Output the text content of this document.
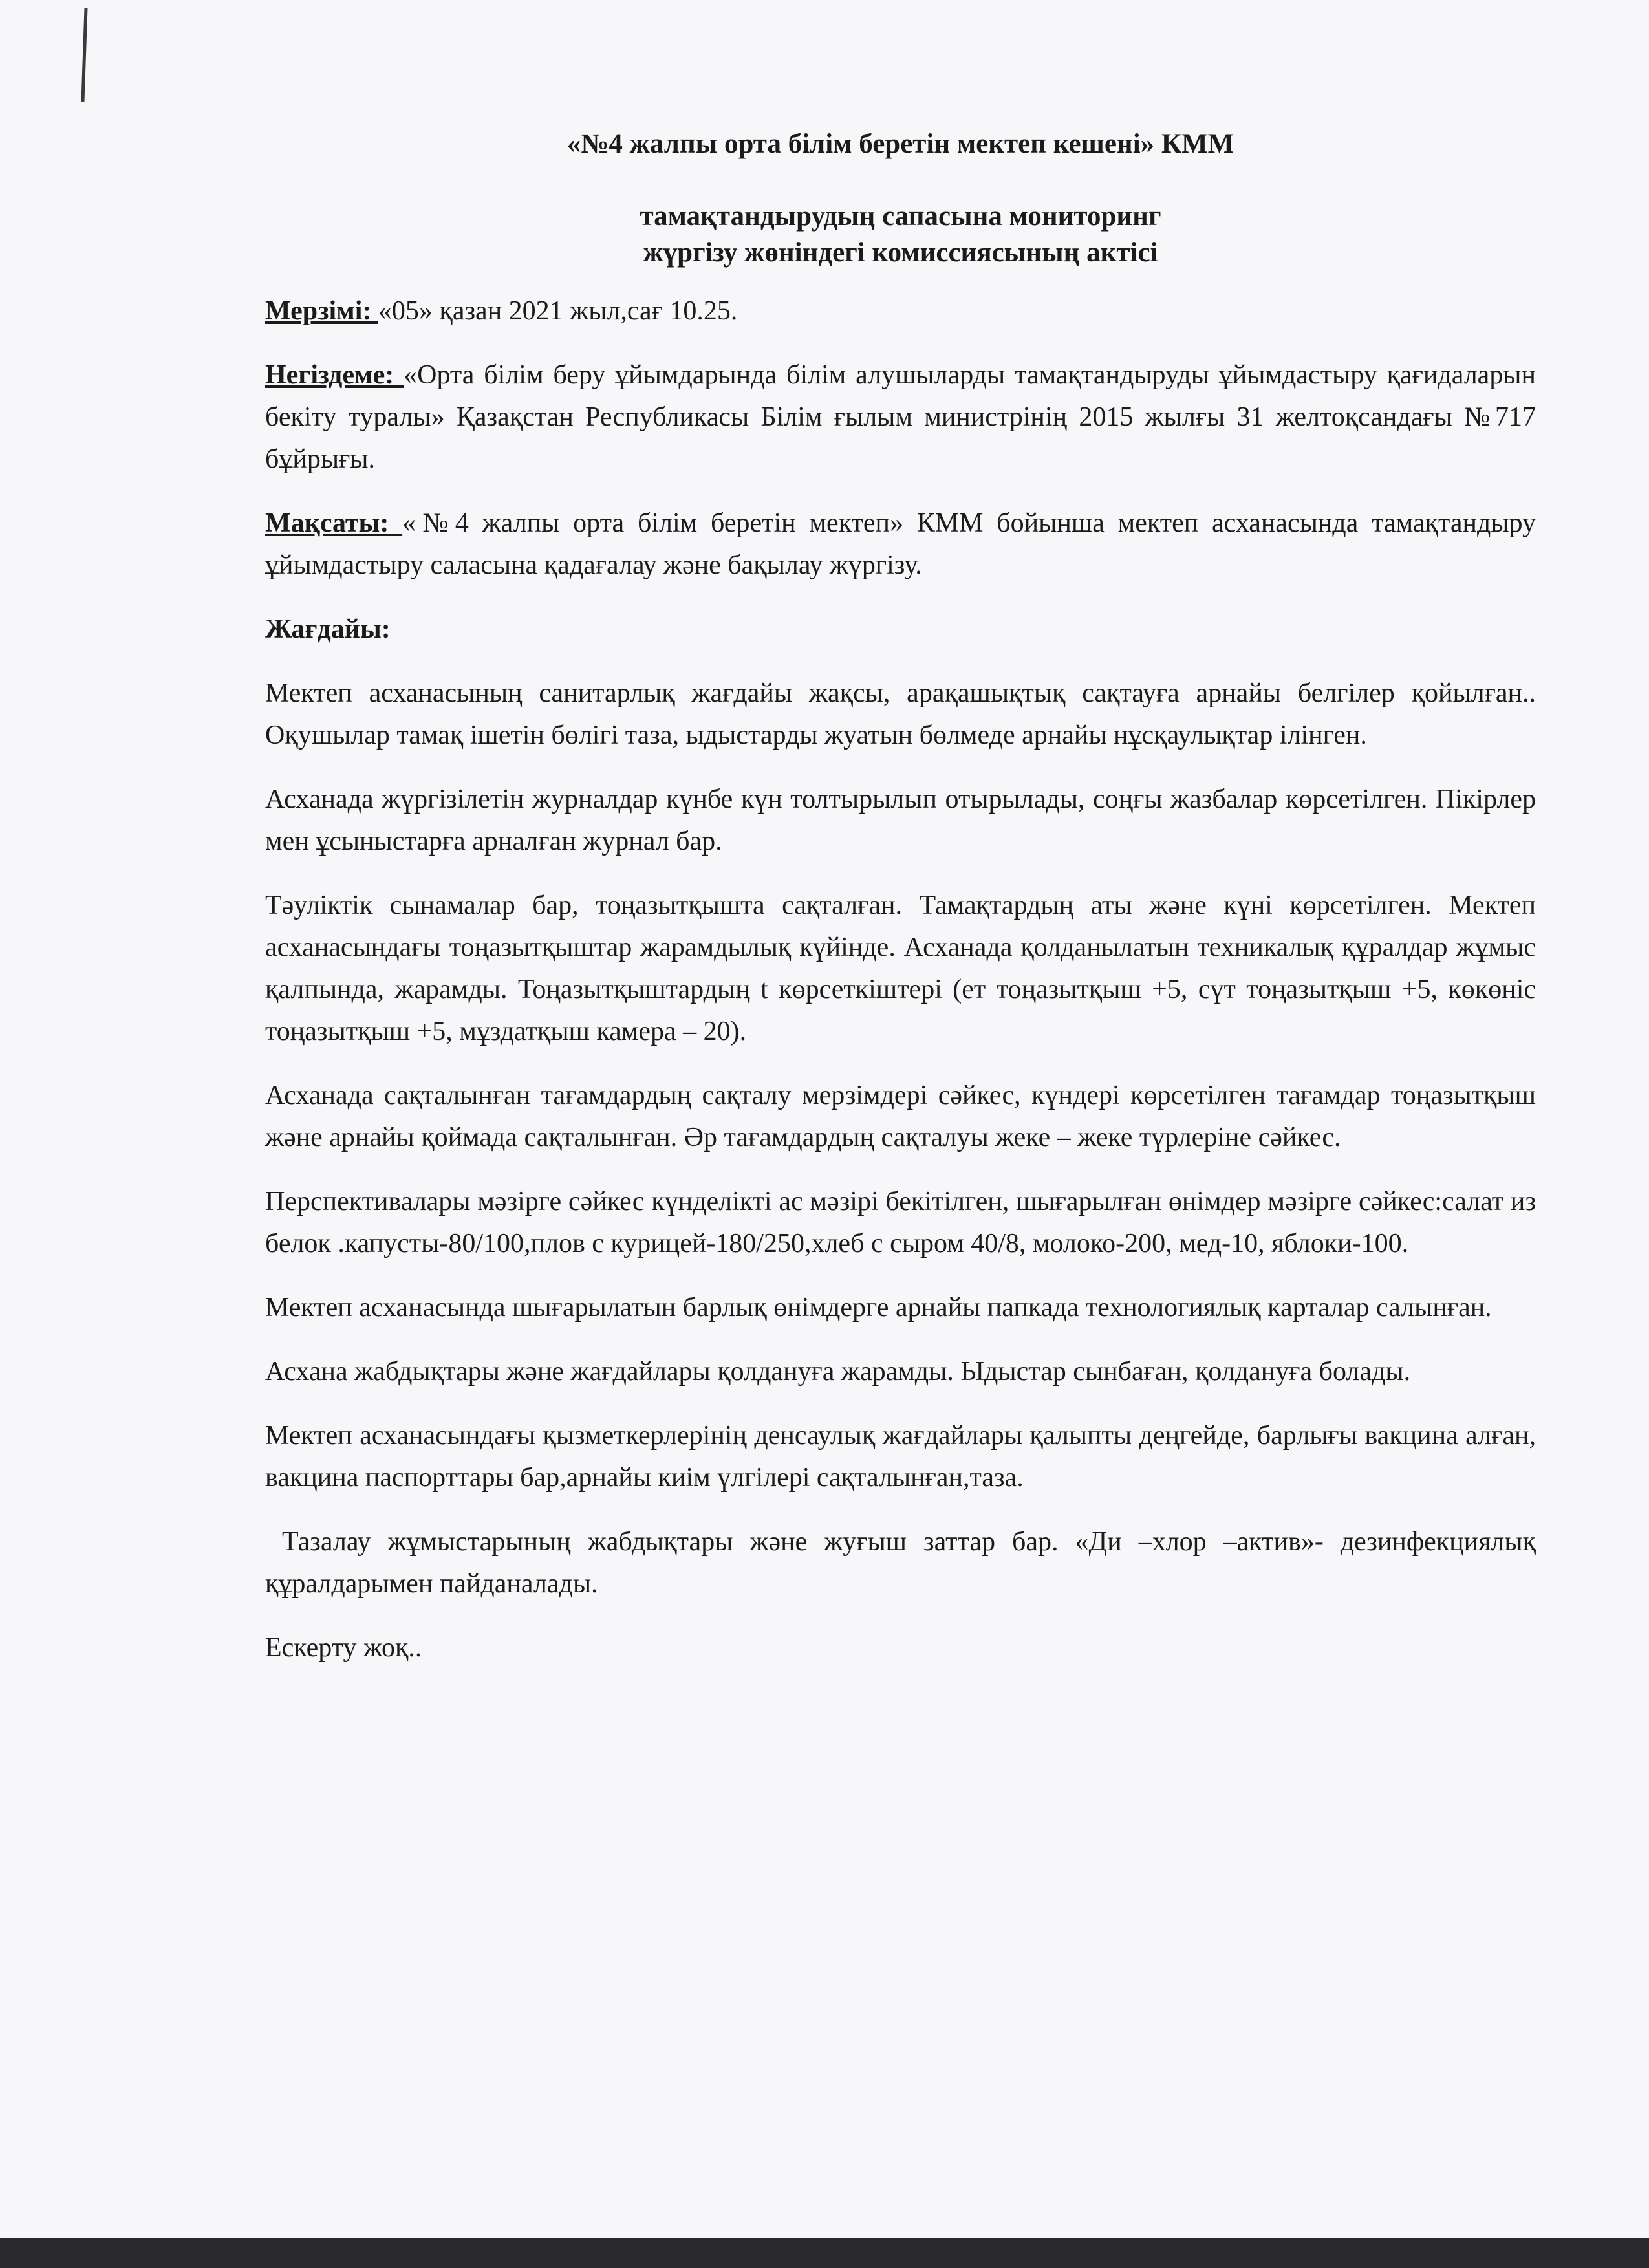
«№4 жалпы орта білім беретін мектеп кешені» КММ
тамақтандырудың сапасына мониторинг
жүргізу жөніндегі комиссиясының актісі

Мерзімі: «05» қазан 2021 жыл,сағ 10.25.

Негіздеме: «Орта білім беру ұйымдарында білім алушыларды тамақтандыруды ұйымдастыру қағидаларын бекіту туралы» Қазақстан Республикасы Білім ғылым министрінің 2015 жылғы 31 желтоқсандағы №717 бұйрығы.

Мақсаты: «№4 жалпы орта білім беретін мектеп» КММ бойынша мектеп асханасында тамақтандыру ұйымдастыру саласына қадағалау және бақылау жүргізу.

Жағдайы:

Мектеп асханасының санитарлық жағдайы жақсы, арақашықтық сақтауға арнайы белгілер қойылған.. Оқушылар тамақ ішетін бөлігі таза, ыдыстарды жуатын бөлмеде арнайы нұсқаулықтар ілінген.

Асханада жүргізілетін журналдар күнбе күн толтырылып отырылады, соңғы жазбалар көрсетілген. Пікірлер мен ұсыныстарға арналған журнал бар.

Тәуліктік сынамалар бар, тоңазытқышта сақталған. Тамақтардың аты және күні көрсетілген. Мектеп асханасындағы тоңазытқыштар жарамдылық күйінде. Асханада қолданылатын техникалық құралдар жұмыс қалпында, жарамды. Тоңазытқыштардың t көрсеткіштері (ет тоңазытқыш +5, сүт тоңазытқыш +5, көкөніс тоңазытқыш +5, мұздатқыш камера – 20).

Асханада сақталынған тағамдардың сақталу мерзімдері сәйкес, күндері көрсетілген тағамдар тоңазытқыш және арнайы қоймада сақталынған. Әр тағамдардың сақталуы жеке – жеке түрлеріне сәйкес.

Перспективалары мәзірге сәйкес күнделікті ас мәзірі бекітілген, шығарылған өнімдер мәзірге сәйкес:салат из белок .капусты-80/100,плов с курицей-180/250,хлеб с сыром 40/8, молоко-200, мед-10, яблоки-100.

Мектеп асханасында шығарылатын барлық өнімдерге арнайы папкада технологиялық карталар салынған.

Асхана жабдықтары және жағдайлары қолдануға жарамды. Ыдыстар сынбаған, қолдануға болады.

Мектеп асханасындағы қызметкерлерінің денсаулық жағдайлары қалыпты деңгейде, барлығы вакцина алған, вакцина паспорттары бар,арнайы киім үлгілері сақталынған,таза.

Тазалау жұмыстарының жабдықтары және жуғыш заттар бар. «Ди –хлор –актив»- дезинфекциялық құралдарымен пайданалады.

Ескерту жоқ..
